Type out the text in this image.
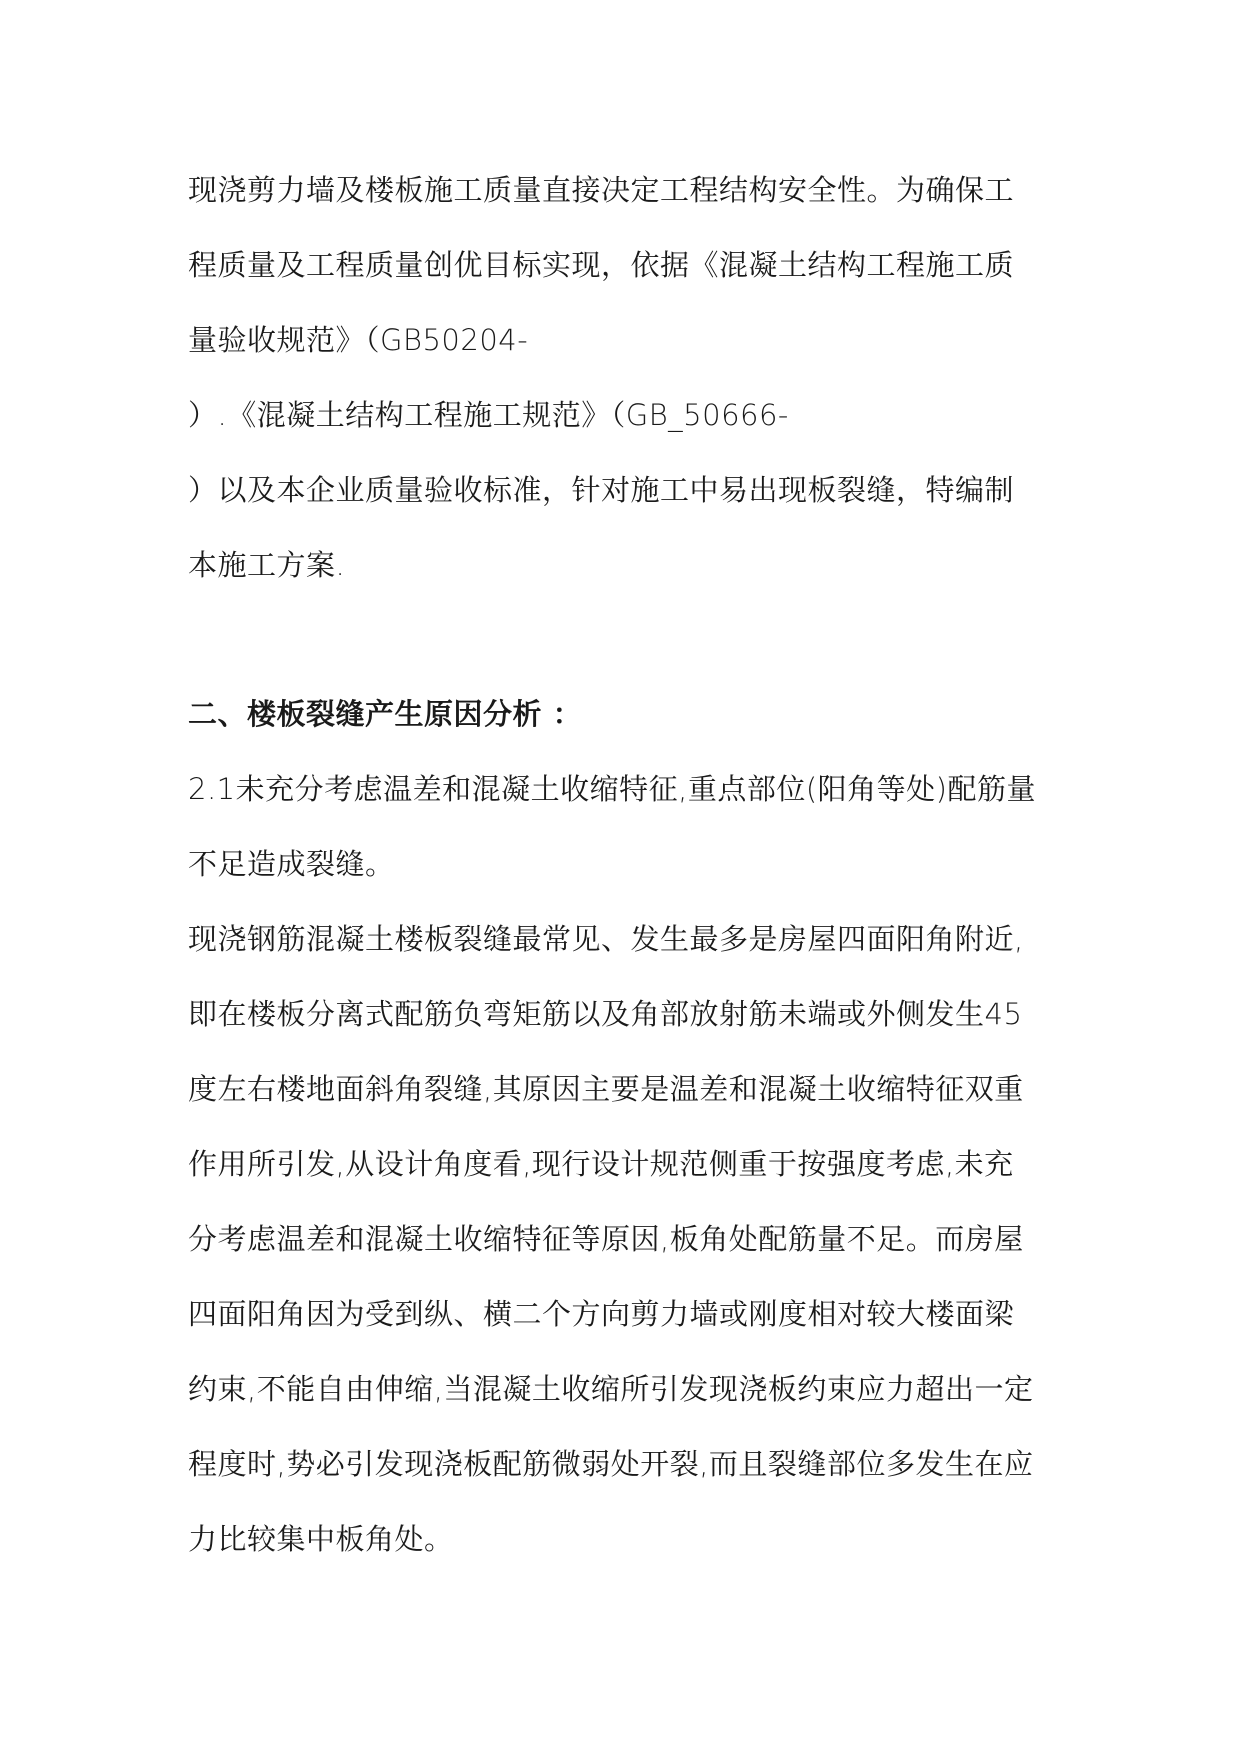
现浇剪力墙及楼板施工质量直接决定工程结构安全性。为确保工
程质量及工程质量创优目标实现，依据《混凝土结构工程施工质
量验收规范》（GB50204-
）.《混凝土结构工程施工规范》（GB_50666-
）以及本企业质量验收标准，针对施工中易出现板裂缝，特编制
本施工方案.
二、楼板裂缝产生原因分析 ：
2.1未充分考虑温差和混凝土收缩特征,重点部位(阳角等处)配筋量
不足造成裂缝。
现浇钢筋混凝土楼板裂缝最常见、发生最多是房屋四面阳角附近,
即在楼板分离式配筋负弯矩筋以及角部放射筋未端或外侧发生45
度左右楼地面斜角裂缝,其原因主要是温差和混凝土收缩特征双重
作用所引发,从设计角度看,现行设计规范侧重于按强度考虑,未充
分考虑温差和混凝土收缩特征等原因,板角处配筋量不足。而房屋
四面阳角因为受到纵、横二个方向剪力墙或刚度相对较大楼面梁
约束,不能自由伸缩,当混凝土收缩所引发现浇板约束应力超出一定
程度时,势必引发现浇板配筋微弱处开裂,而且裂缝部位多发生在应
力比较集中板角处。
